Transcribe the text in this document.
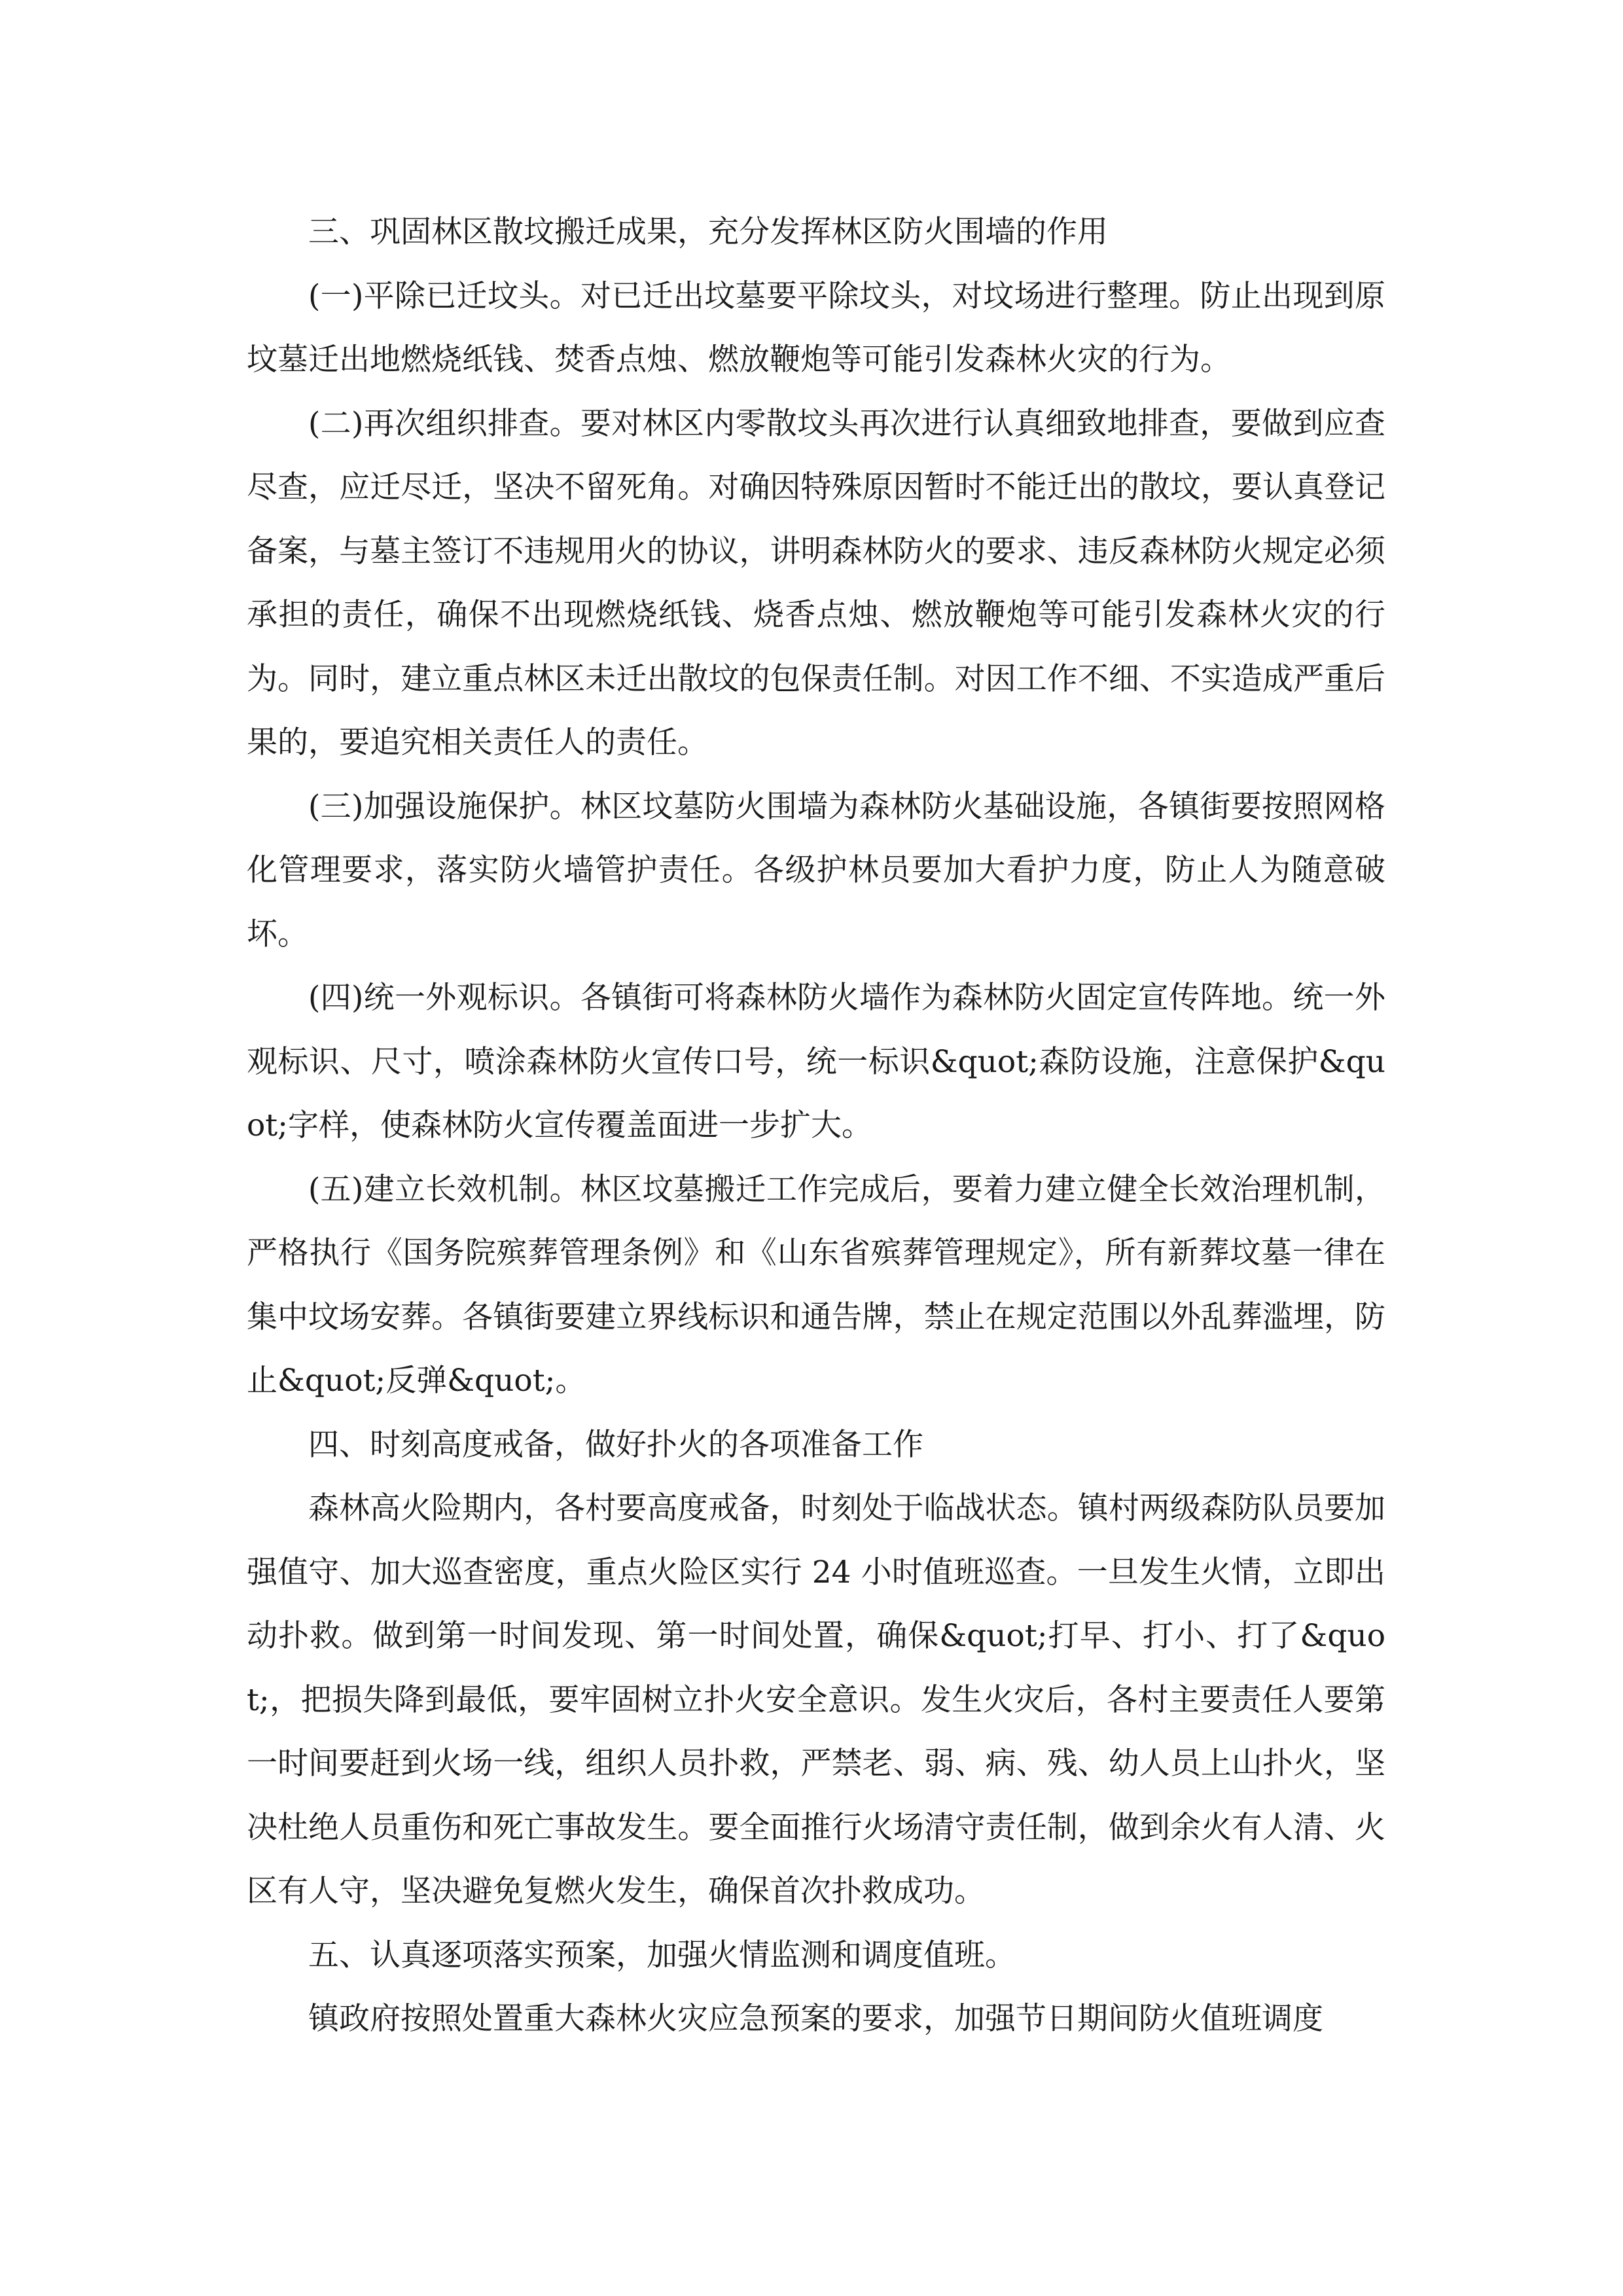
三、巩固林区散坟搬迁成果，充分发挥林区防火围墙的作用

(一)平除已迁坟头。对已迁出坟墓要平除坟头，对坟场进行整理。防止出现到原坟墓迁出地燃烧纸钱、焚香点烛、燃放鞭炮等可能引发森林火灾的行为。

(二)再次组织排查。要对林区内零散坟头再次进行认真细致地排查，要做到应查尽查，应迁尽迁，坚决不留死角。对确因特殊原因暂时不能迁出的散坟，要认真登记备案，与墓主签订不违规用火的协议，讲明森林防火的要求、违反森林防火规定必须承担的责任，确保不出现燃烧纸钱、烧香点烛、燃放鞭炮等可能引发森林火灾的行为。同时，建立重点林区未迁出散坟的包保责任制。对因工作不细、不实造成严重后果的，要追究相关责任人的责任。

(三)加强设施保护。林区坟墓防火围墙为森林防火基础设施，各镇街要按照网格化管理要求，落实防火墙管护责任。各级护林员要加大看护力度，防止人为随意破坏。

(四)统一外观标识。各镇街可将森林防火墙作为森林防火固定宣传阵地。统一外观标识、尺寸，喷涂森林防火宣传口号，统一标识&quot;森防设施，注意保护&quot;字样，使森林防火宣传覆盖面进一步扩大。

(五)建立长效机制。林区坟墓搬迁工作完成后，要着力建立健全长效治理机制，严格执行《国务院殡葬管理条例》和《山东省殡葬管理规定》，所有新葬坟墓一律在集中坟场安葬。各镇街要建立界线标识和通告牌，禁止在规定范围以外乱葬滥埋，防止&quot;反弹&quot;。

四、时刻高度戒备，做好扑火的各项准备工作

森林高火险期内，各村要高度戒备，时刻处于临战状态。镇村两级森防队员要加强值守、加大巡查密度，重点火险区实行 24 小时值班巡查。一旦发生火情，立即出动扑救。做到第一时间发现、第一时间处置，确保&quot;打早、打小、打了&quot;，把损失降到最低，要牢固树立扑火安全意识。发生火灾后，各村主要责任人要第一时间要赶到火场一线，组织人员扑救，严禁老、弱、病、残、幼人员上山扑火，坚决杜绝人员重伤和死亡事故发生。要全面推行火场清守责任制，做到余火有人清、火区有人守，坚决避免复燃火发生，确保首次扑救成功。

五、认真逐项落实预案，加强火情监测和调度值班。

镇政府按照处置重大森林火灾应急预案的要求，加强节日期间防火值班调度
